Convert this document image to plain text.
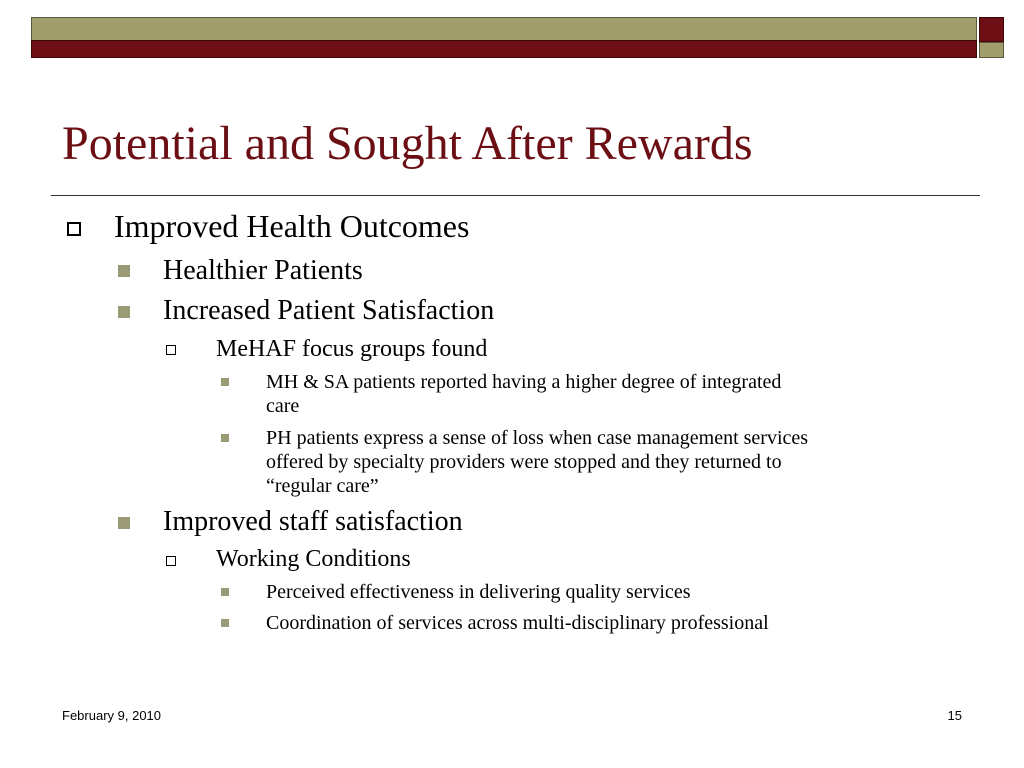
Potential and Sought After Rewards
Improved Health Outcomes
Healthier Patients
Increased Patient Satisfaction
MeHAF focus groups found
MH & SA patients reported having a higher degree of integrated
care
PH patients express a sense of loss when case management services
offered by specialty providers were stopped and they returned to
“regular care”
Improved staff satisfaction
Working Conditions
Perceived effectiveness in delivering quality services
Coordination of services across multi-disciplinary professional
February 9, 2010	15
